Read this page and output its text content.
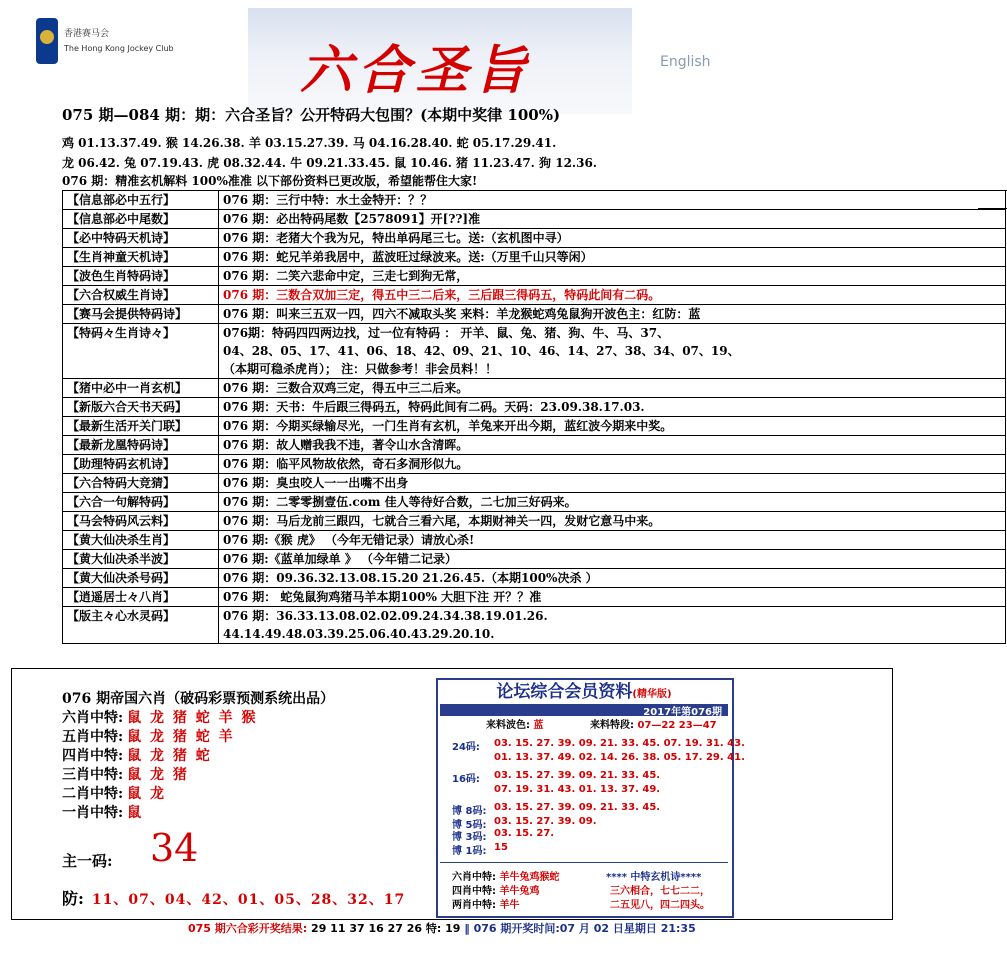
香港赛马会
The Hong Kong Jockey Club 六合圣旨	English
075 期—084 期：期：六合圣旨？公开特码大包围？(本期中奖律 100%)
鸡 01.13.37.49. 猴 14.26.38. 羊 03.15.27.39. 马 04.16.28.40. 蛇 05.17.29.41.
龙 06.42. 兔 07.19.43. 虎 08.32.44. 牛 09.21.33.45. 鼠 10.46. 猪 11.23.47. 狗 12.36.
076 期：精准玄机解料 100%准准 以下部份资料已更改版，希望能帮住大家!
【信息部必中五行】	076 期：三行中特：水土金特开：？？
【信息部必中尾数】	076 期：必出特码尾数【2578091】开[??]准
【必中特码天机诗】	076 期：老猪大个我为兄，特出单码尾三七。送:（玄机图中寻）
【生肖神童天机诗】	076 期：蛇兄羊弟我居中，蓝波旺过绿波来。送:（万里千山只等闲）
【波色生肖特码诗】	076 期：二笑六悲命中定，三走七到狗无常，
【六合权威生肖诗】	076 期：三数合双加三定，得五中三二后来，三后跟三得码五，特码此间有二码。
【赛马会提供特码诗】	076 期：叫来三五双一四，四六不减取头奖 来料：羊龙猴蛇鸡兔鼠狗开波色主：红防：蓝
【特码々生肖诗々】	076期：特码四四两边找，过一位有特码 ： 开羊、鼠、兔、猪、狗、牛、马、37、
04、28、05、17、41、06、18、42、09、21、10、46、14、27、38、34、07、19、
（本期可稳杀虎肖）； 注：只做参考！非会员料！！

【猪中必中一肖玄机】	076 期：三数合双鸡三定，得五中三二后来。
【新版六合天书天码】	076 期：天书：牛后跟三得码五，特码此间有二码。天码：23.09.38.17.03.
【最新生活开关门联】	076 期：今期买绿输尽光，一门生肖有玄机，羊兔来开出今期，蓝红波今期来中奖。
【最新龙凰特码诗】	076 期：故人赠我我不违，著令山水含清晖。
【助理特码玄机诗】	076 期：临平风物故依然，奇石多洞形似九。
【六合特码大竞猜】	076 期：臭虫咬人一一出嘴不出身
【六合一句解特码】	076 期：二零零捌壹伍.com 佳人等待好合数，二七加三好码来。
【马会特码风云料】	076 期：马后龙前三跟四，七就合三看六尾，本期财神关一四，发财它意马中来。
【黄大仙决杀生肖】	076 期:《猴 虎》 （今年无错记录）请放心杀!
【黄大仙决杀半波】	076 期:《蓝单加绿单 》 （今年错二记录）
【黄大仙决杀号码】	076 期：09.36.32.13.08.15.20 21.26.45.（本期100%决杀 ）
【逍遥居士々八肖】	076 期： 蛇兔鼠狗鸡猪马羊本期100% 大胆下注 开？？准
【版主々心水灵码】	076 期：36.33.13.08.02.02.09.24.34.38.19.01.26.
44.14.49.48.03.39.25.06.40.43.29.20.10.
076 期帝国六肖（破码彩票预测系统出品）
六肖中特: 鼠 龙 猪 蛇 羊 猴
五肖中特: 鼠 龙 猪 蛇 羊
四肖中特: 鼠 龙 猪 蛇
三肖中特: 鼠 龙 猪
二肖中特: 鼠 龙
一肖中特: 鼠
主一码: 34
防: 11、07、04、42、01、05、28、32、17
论坛综合会员资料(精华版)
2017年第076期
来料波色: 蓝	来料特段: 07—22 23—47
24码: 03. 15. 27. 39. 09. 21. 33. 45. 07. 19. 31. 43.
01. 13. 37. 49. 02. 14. 26. 38. 05. 17. 29. 41.
16码: 03. 15. 27. 39. 09. 21. 33. 45.
07. 19. 31. 43. 01. 13. 37. 49.
博 8码: 03. 15. 27. 39. 09. 21. 33. 45.
博 5码: 03. 15. 27. 39. 09.
博 3码: 03. 15. 27.
博 1码: 15
六肖中特: 羊牛兔鸡猴蛇
四肖中特: 羊牛兔鸡
两肖中特: 羊牛
**** 中特玄机诗****
三六相合，七七二二，
二五见八，四二四头。
075 期六合彩开奖结果: 29 11 37 16 27 26 特: 19 ‖ 076 期开奖时间:07 月 02 日星期日 21:35
